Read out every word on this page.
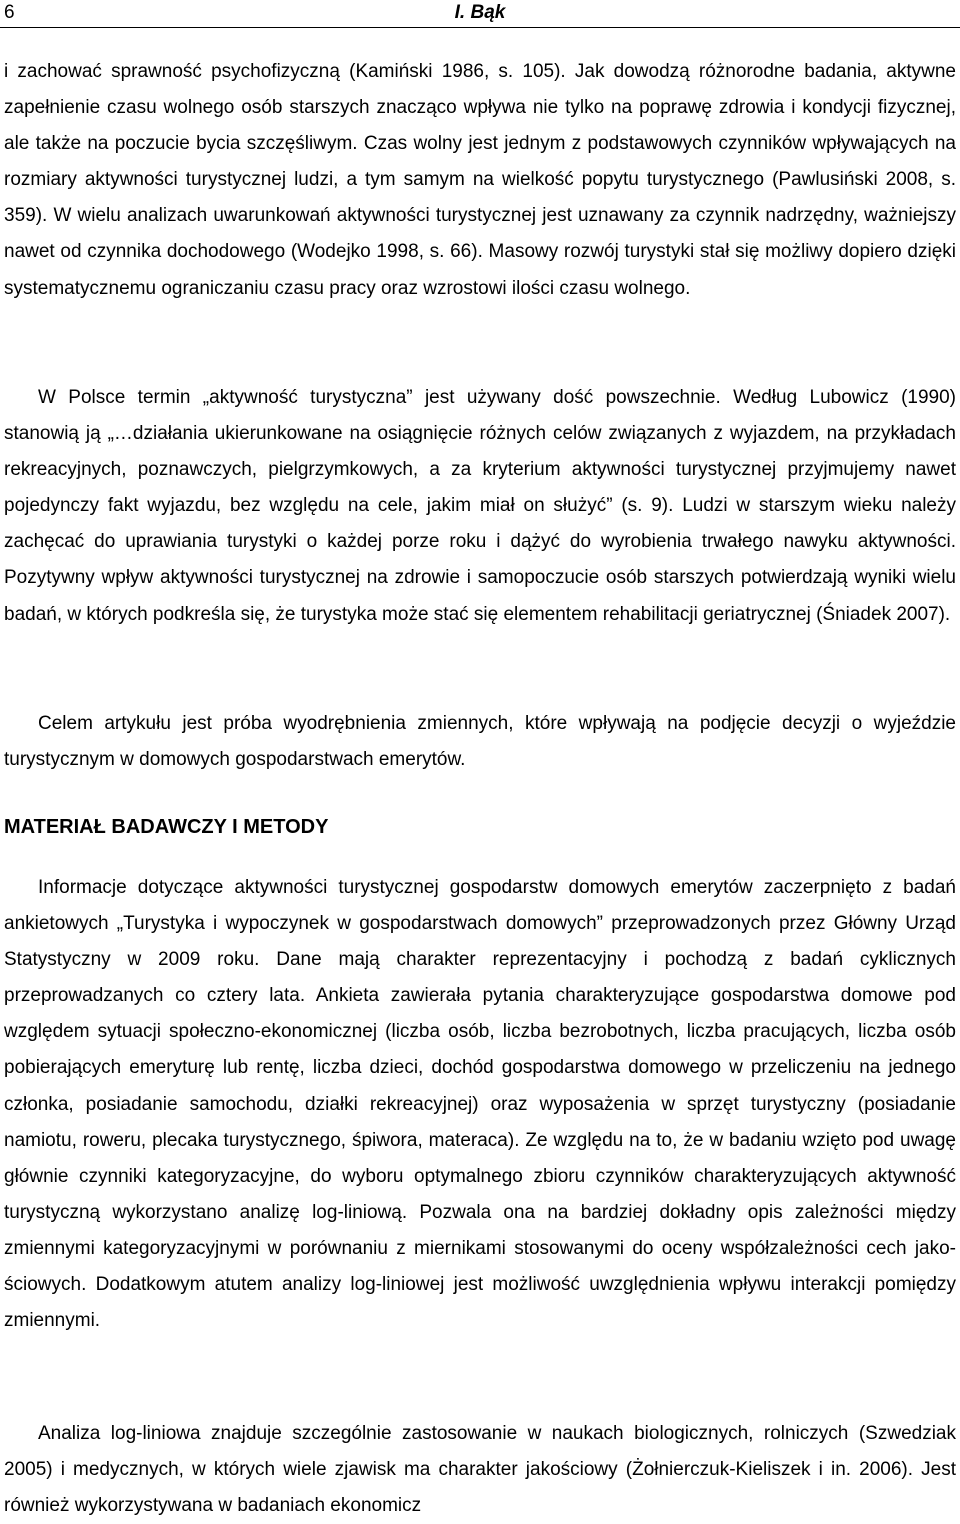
6	I. Bąk

i zachować sprawność psychofizyczną (Kamiński 1986, s. 105). Jak dowodzą różnorodne badania, aktywne zapełnienie czasu wolnego osób starszych znacząco wpływa nie tylko na poprawę zdrowia i kondycji fizycznej, ale także na poczucie bycia szczęśliwym. Czas wolny jest jednym z podstawowych czynników wpływających na rozmiary aktywności turystycznej ludzi, a tym samym na wielkość popytu turystycznego (Pawlusiński 2008, s. 359). W wielu analizach uwarunkowań aktywności turystycznej jest uznawany za czynnik nadrzędny, ważniejszy nawet od czynnika dochodowego (Wodejko 1998, s. 66). Masowy rozwój turystyki stał się możliwy dopiero dzięki systematycznemu ograniczaniu czasu pracy oraz wzrostowi ilości czasu wolnego.

W Polsce termin „aktywność turystyczna” jest używany dość powszechnie. Według Lubowicz (1990) stanowią ją „…działania ukierunkowane na osiągnięcie różnych celów związanych z wyjazdem, na przykładach rekreacyjnych, poznawczych, pielgrzymkowych, a za kryterium aktywności turystycznej przyjmujemy nawet pojedynczy fakt wyjazdu, bez względu na cele, jakim miał on służyć” (s. 9). Ludzi w starszym wieku należy zachęcać do uprawiania turystyki o każdej porze roku i dążyć do wyrobienia trwałego nawyku aktywności. Pozytywny wpływ aktywności turystycznej na zdrowie i samopoczucie osób starszych potwierdzają wyniki wielu badań, w których podkreśla się, że turystyka może stać się elementem rehabilitacji geriatrycznej (Śniadek 2007).

Celem artykułu jest próba wyodrębnienia zmiennych, które wpływają na podjęcie decyzji o wyjeździe turystycznym w domowych gospodarstwach emerytów.

MATERIAŁ BADAWCZY I METODY

Informacje dotyczące aktywności turystycznej gospodarstw domowych emerytów zaczerpnięto z badań ankietowych „Turystyka i wypoczynek w gospodarstwach domowych” przeprowadzonych przez Główny Urząd Statystyczny w 2009 roku. Dane mają charakter reprezentacyjny i pochodzą z badań cyklicznych przeprowadzanych co cztery lata. Ankieta zawierała pytania charakteryzujące gospodarstwa domowe pod względem sytuacji społeczno-ekonomicznej (liczba osób, liczba bezrobotnych, liczba pracujących, liczba osób pobierających emeryturę lub rentę, liczba dzieci, dochód gospodarstwa domowego w przeliczeniu na jednego członka, posiadanie samochodu, działki rekreacyjnej) oraz wyposażenia w sprzęt turystyczny (posiadanie namiotu, roweru, plecaka turystycznego, śpiwora, materaca). Ze względu na to, że w badaniu wzięto pod uwagę głównie czynniki kategoryzacyjne, do wyboru optymalnego zbioru czynników charakteryzujących aktywność turystyczną wykorzystano analizę log-liniową. Pozwala ona na bardziej dokładny opis zależności między zmiennymi kategoryzacyjnymi w porównaniu z miernikami stosowanymi do oceny współzależności cech jakościowych. Dodatkowym atutem analizy log-liniowej jest możliwość uwzględnienia wpływu interakcji pomiędzy zmiennymi.

Analiza log-liniowa znajduje szczególnie zastosowanie w naukach biologicznych, rolniczych (Szwedziak 2005) i medycznych, w których wiele zjawisk ma charakter jakościowy (Żołnierczuk-Kieliszek i in. 2006). Jest również wykorzystywana w badaniach ekonomicz
